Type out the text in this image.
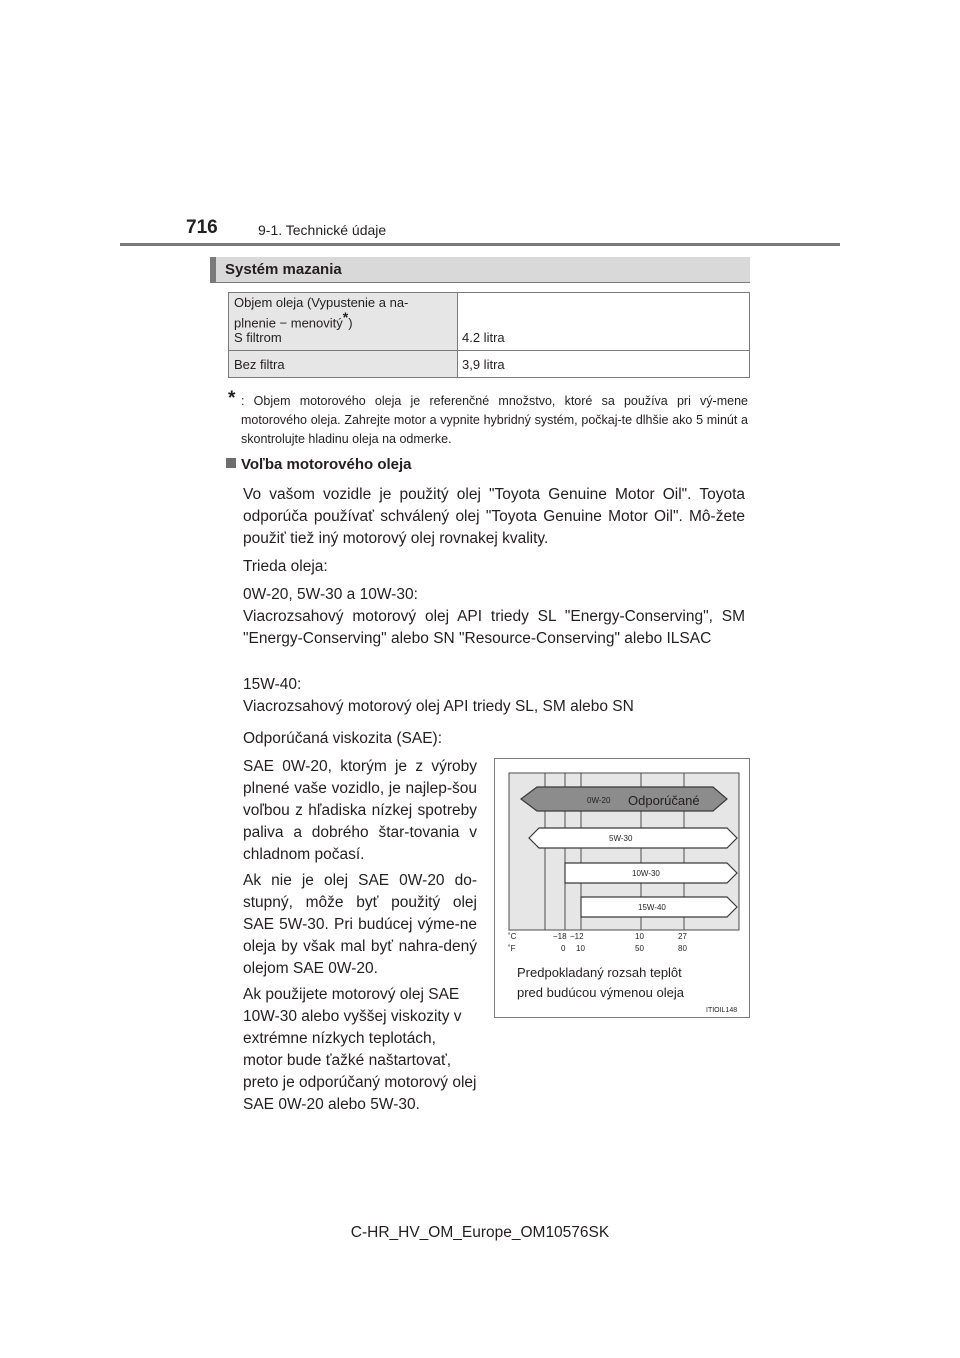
716	9-1. Technické údaje
Systém mazania
Objem oleja (Vypustenie a na-
plnenie − menovitý*)
S filtrom	4.2 litra
Bez filtra	3,9 litra
* : Objem motorového oleja je referenčné množstvo, ktoré sa používa pri vý-mene motorového oleja. Zahrejte motor a vypnite hybridný systém, počkaj-te dlhšie ako 5 minút a skontrolujte hladinu oleja na odmerke.
Voľba motorového oleja
Vo vašom vozidle je použitý olej "Toyota Genuine Motor Oil". Toyota odporúča používať schválený olej "Toyota Genuine Motor Oil". Mô-žete použiť tiež iný motorový olej rovnakej kvality.
Trieda oleja:
0W-20, 5W-30 a 10W-30:
Viacrozsahový motorový olej API triedy SL "Energy-Conserving", SM "Energy-Conserving" alebo SN "Resource-Conserving" alebo ILSAC
15W-40:
Viacrozsahový motorový olej API triedy SL, SM alebo SN
Odporúčaná viskozita (SAE):
SAE 0W-20, ktorým je z výroby plnené vaše vozidlo, je najlep-šou voľbou z hľadiska nízkej spotreby paliva a dobrého štar-tovania v chladnom počasí.
Ak nie je olej SAE 0W-20 do-stupný, môže byť použitý olej SAE 5W-30. Pri budúcej výme-ne oleja by však mal byť nahra-dený olejom SAE 0W-20.
Ak použijete motorový olej SAE 10W-30 alebo vyššej viskozity v extrémne nízkych teplotách, motor bude ťažké naštartovať, preto je odporúčaný motorový olej SAE 0W-20 alebo 5W-30.
0W-20 Odporúčané
5W-30
10W-30
15W-40
˚C	−18 −12	10	27
˚F	0 10	50	80
Predpokladaný rozsah teplôt
pred budúcou výmenou oleja
ITIOIL148
C-HR_HV_OM_Europe_OM10576SK
